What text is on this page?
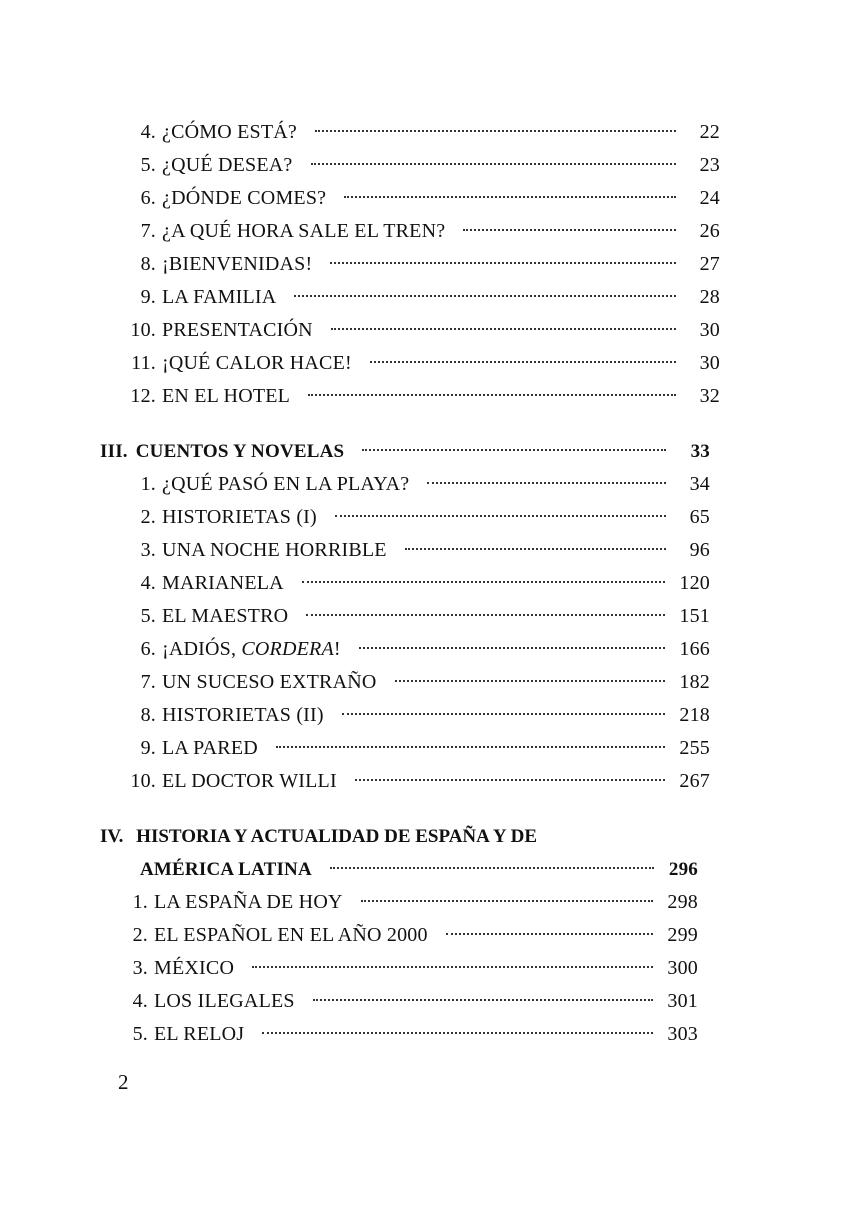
4. ¿CÓMO ESTÁ?	22
5. ¿QUÉ DESEA?	23
6. ¿DÓNDE COMES?	24
7. ¿A QUÉ HORA SALE EL TREN?	26
8. ¡BIENVENIDAS!	27
9. LA FAMILIA	28
10. PRESENTACIÓN	30
11. ¡QUÉ CALOR HACE!	30
12. EN EL HOTEL	32
III. CUENTOS Y NOVELAS	33
1. ¿QUÉ PASÓ EN LA PLAYA?	34
2. HISTORIETAS (I)	65
3. UNA NOCHE HORRIBLE	96
4. MARIANELA	120
5. EL MAESTRO	151
6. ¡ADIÓS, CORDERA!	166
7. UN SUCESO EXTRAÑO	182
8. HISTORIETAS (II)	218
9. LA PARED	255
10. EL DOCTOR WILLI	267
IV. HISTORIA Y ACTUALIDAD DE ESPAÑA Y DE
AMÉRICA LATINA	296
1. LA ESPAÑA DE HOY	298
2. EL ESPAÑOL EN EL AÑO 2000	299
3. MÉXICO	300
4. LOS ILEGALES	301
5. EL RELOJ	303
2
